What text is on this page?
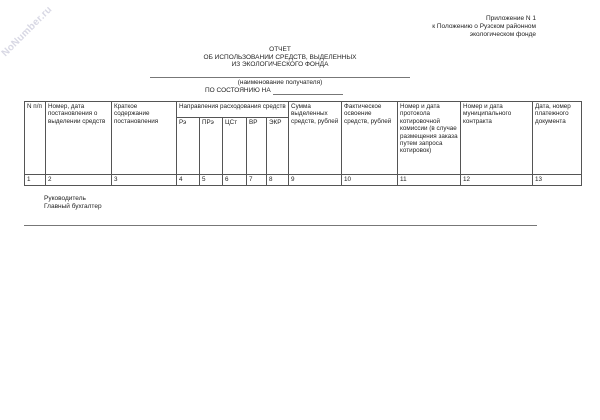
NoNumber.ru	Приложение N 1
к Положению о Рузском районном
экологическом фонде
ОТЧЕТ
ОБ ИСПОЛЬЗОВАНИИ СРЕДСТВ, ВЫДЕЛЕННЫХ
ИЗ ЭКОЛОГИЧЕСКОГО ФОНДА
(наименование получателя)
ПО СОСТОЯНИЮ НА
N п/п	Номер, дата постановления о выделении средств	Краткое содержание постановления	Направления расходования средств					Сумма выделенных средств, рублей	Фактическое освоение средств, рублей	Номер и дата протокола котировочной комиссии (в случае размещения заказа путем запроса котировок)	Номер и дата муниципального контракта	Дата, номер платежного документа
			Рэ	ПРэ	ЦСт	ВР	ЭКР					
1	2	3	4	5	6	7	8	9	10	11	12	13
Руководитель
Главный бухгалтер
